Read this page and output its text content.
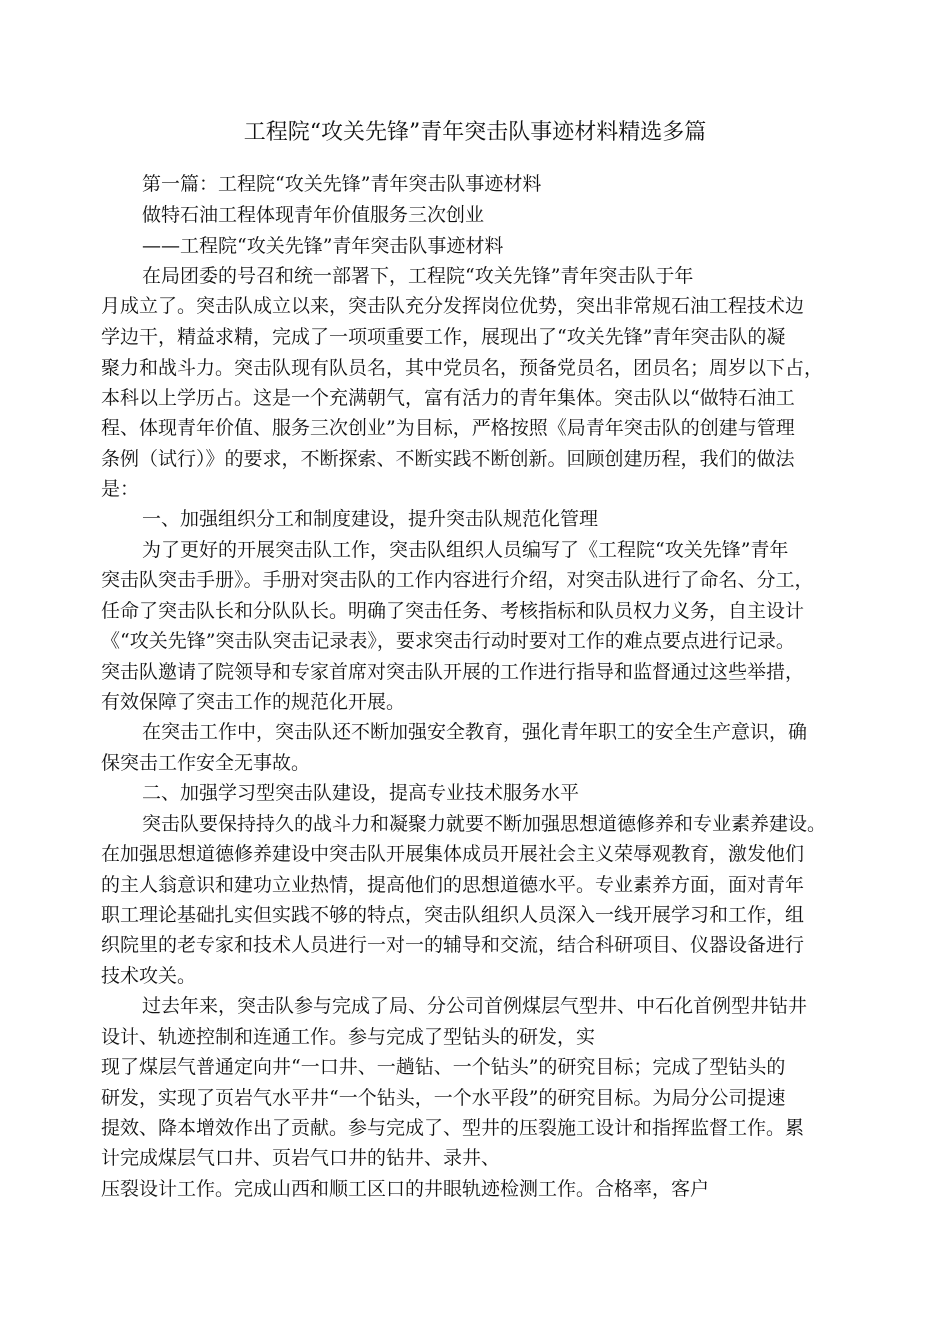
工程院“攻关先锋”青年突击队事迹材料精选多篇
第一篇：工程院“攻关先锋”青年突击队事迹材料
做特石油工程体现青年价值服务三次创业
——工程院“攻关先锋”青年突击队事迹材料
在局团委的号召和统一部署下，工程院“攻关先锋”青年突击队于年
月成立了。突击队成立以来，突击队充分发挥岗位优势，突出非常规石油工程技术边
学边干，精益求精，完成了一项项重要工作，展现出了“攻关先锋”青年突击队的凝
聚力和战斗力。突击队现有队员名，其中党员名，预备党员名，团员名；周岁以下占，
本科以上学历占。这是一个充满朝气，富有活力的青年集体。突击队以“做特石油工
程、体现青年价值、服务三次创业”为目标，严格按照《局青年突击队的创建与管理
条例（试行）》的要求，不断探索、不断实践不断创新。回顾创建历程，我们的做法
是：
一、加强组织分工和制度建设，提升突击队规范化管理
为了更好的开展突击队工作，突击队组织人员编写了《工程院“攻关先锋”青年
突击队突击手册》。手册对突击队的工作内容进行介绍，对突击队进行了命名、分工，
任命了突击队长和分队队长。明确了突击任务、考核指标和队员权力义务，自主设计
《“攻关先锋”突击队突击记录表》，要求突击行动时要对工作的难点要点进行记录。
突击队邀请了院领导和专家首席对突击队开展的工作进行指导和监督通过这些举措，
有效保障了突击工作的规范化开展。
在突击工作中，突击队还不断加强安全教育，强化青年职工的安全生产意识，确
保突击工作安全无事故。
二、加强学习型突击队建设，提高专业技术服务水平
突击队要保持持久的战斗力和凝聚力就要不断加强思想道德修养和专业素养建设。
在加强思想道德修养建设中突击队开展集体成员开展社会主义荣辱观教育，激发他们
的主人翁意识和建功立业热情，提高他们的思想道德水平。专业素养方面，面对青年
职工理论基础扎实但实践不够的特点，突击队组织人员深入一线开展学习和工作，组
织院里的老专家和技术人员进行一对一的辅导和交流，结合科研项目、仪器设备进行
技术攻关。
过去年来，突击队参与完成了局、分公司首例煤层气型井、中石化首例型井钻井
设计、轨迹控制和连通工作。参与完成了型钻头的研发，实
现了煤层气普通定向井“一口井、一趟钻、一个钻头”的研究目标；完成了型钻头的
研发，实现了页岩气水平井“一个钻头，一个水平段”的研究目标。为局分公司提速
提效、降本增效作出了贡献。参与完成了、型井的压裂施工设计和指挥监督工作。累
计完成煤层气口井、页岩气口井的钻井、录井、
压裂设计工作。完成山西和顺工区口的井眼轨迹检测工作。合格率，客户
